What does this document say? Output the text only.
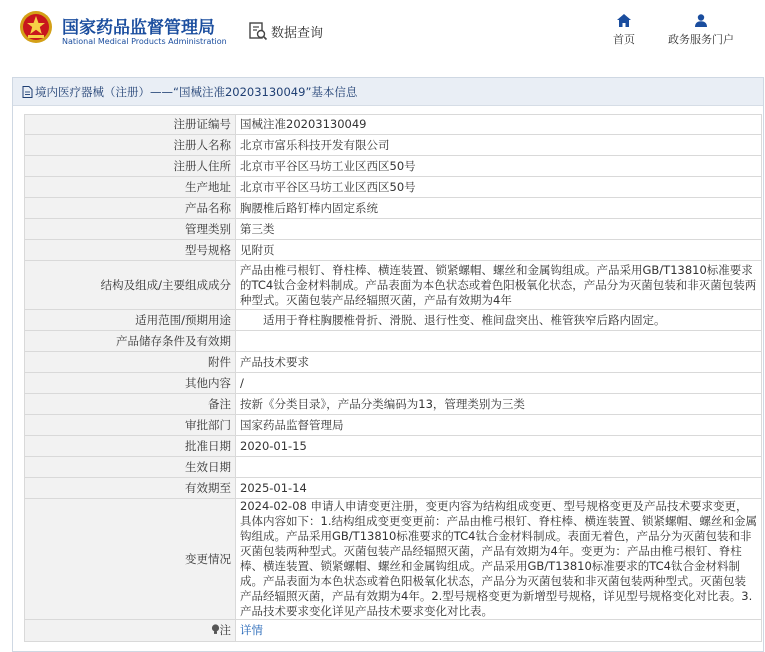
国家药品监督管理局
National Medical Products Administration
数据查询	首页	政务服务门户
境内医疗器械（注册）——“国械注准20203130049”基本信息
注册证编号	国械注准20203130049
注册人名称	北京市富乐科技开发有限公司
注册人住所	北京市平谷区马坊工业区西区50号
生产地址	北京市平谷区马坊工业区西区50号
产品名称	胸腰椎后路钉棒内固定系统
管理类别	第三类
型号规格	见附页
结构及组成/主要组成成分	产品由椎弓根钉、脊柱棒、横连装置、锁紧螺帽、螺丝和金属钩组成。产品采用GB/T13810标准要求的TC4钛合金材料制成。产品表面为本色状态或着色阳极氧化状态，产品分为灭菌包装和非灭菌包装两种型式。灭菌包装产品经辐照灭菌，产品有效期为4年
适用范围/预期用途	　　适用于脊柱胸腰椎骨折、滑脱、退行性变、椎间盘突出、椎管狭窄后路内固定。
产品储存条件及有效期	
附件	产品技术要求
其他内容	/
备注	按新《分类目录》，产品分类编码为13，管理类别为三类
审批部门	国家药品监督管理局
批准日期	2020-01-15
生效日期	
有效期至	2025-01-14
变更情况	2024-02-08 申请人申请变更注册，变更内容为结构组成变更、型号规格变更及产品技术要求变更，具体内容如下：1.结构组成变更变更前：产品由椎弓根钉、脊柱棒、横连装置、锁紧螺帽、螺丝和金属钩组成。产品采用GB/T13810标准要求的TC4钛合金材料制成。表面无着色，产品分为灭菌包装和非灭菌包装两种型式。灭菌包装产品经辐照灭菌，产品有效期为4年。变更为：产品由椎弓根钉、脊柱棒、横连装置、锁紧螺帽、螺丝和金属钩组成。产品采用GB/T13810标准要求的TC4钛合金材料制成。产品表面为本色状态或着色阳极氧化状态，产品分为灭菌包装和非灭菌包装两种型式。灭菌包装产品经辐照灭菌，产品有效期为4年。2.型号规格变更为新增型号规格，详见型号规格变化对比表。3.产品技术要求变化详见产品技术要求变化对比表。
注	详情
